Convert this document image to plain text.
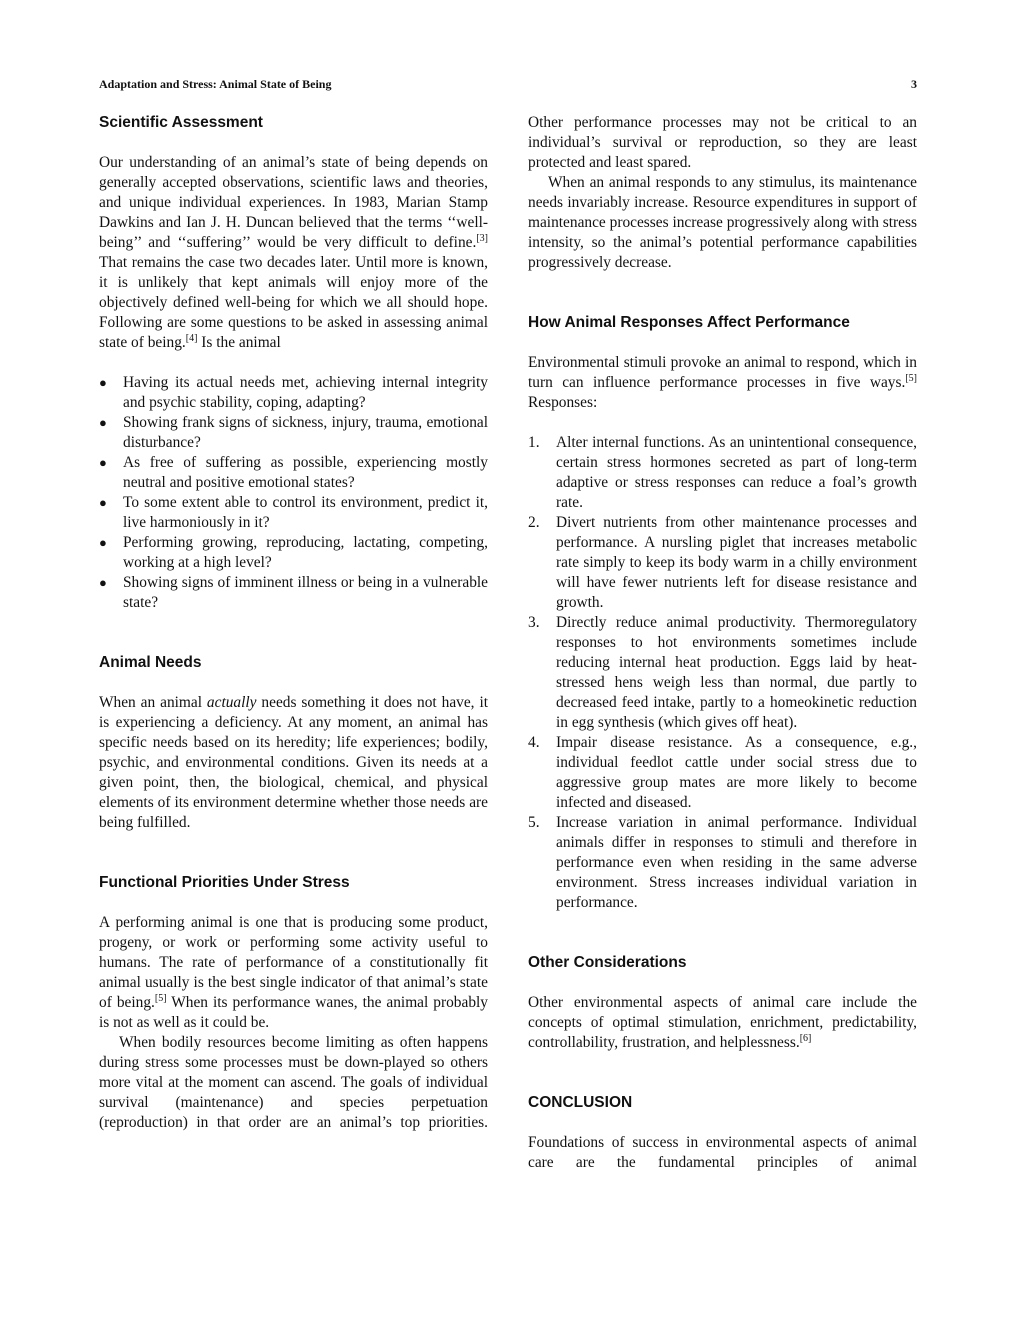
Adaptation and Stress: Animal State of Being	3
Scientific Assessment

Our understanding of an animal’s state of being depends on generally accepted observations, scientific laws and theories, and unique individual experiences. In 1983, Marian Stamp Dawkins and Ian J. H. Duncan believed that the terms ‘‘well-being’’ and ‘‘suffering’’ would be very difficult to define.[3] That remains the case two decades later. Until more is known, it is unlikely that kept animals will enjoy more of the objectively defined well-being for which we all should hope. Following are some questions to be asked in assessing animal state of being.[4] Is the animal

● Having its actual needs met, achieving internal integrity and psychic stability, coping, adapting?
● Showing frank signs of sickness, injury, trauma, emotional disturbance?
● As free of suffering as possible, experiencing mostly neutral and positive emotional states?
● To some extent able to control its environment, predict it, live harmoniously in it?
● Performing growing, reproducing, lactating, competing, working at a high level?
● Showing signs of imminent illness or being in a vulnerable state?
Animal Needs

When an animal actually needs something it does not have, it is experiencing a deficiency. At any moment, an animal has specific needs based on its heredity; life experiences; bodily, psychic, and environmental conditions. Given its needs at a given point, then, the biological, chemical, and physical elements of its environment determine whether those needs are being fulfilled.

Functional Priorities Under Stress

A performing animal is one that is producing some product, progeny, or work or performing some activity useful to humans. The rate of performance of a constitutionally fit animal usually is the best single indicator of that animal’s state of being.[5] When its performance wanes, the animal probably is not as well as it could be.

When bodily resources become limiting as often happens during stress some processes must be down-played so others more vital at the moment can ascend. The goals of individual survival (maintenance) and species perpetuation (reproduction) in that order are an animal’s top priorities.

Other performance processes may not be critical to an individual’s survival or reproduction, so they are least protected and least spared.

When an animal responds to any stimulus, its maintenance needs invariably increase. Resource expenditures in support of maintenance processes increase progressively along with stress intensity, so the animal’s potential performance capabilities progressively decrease.

How Animal Responses Affect Performance

Environmental stimuli provoke an animal to respond, which in turn can influence performance processes in five ways.[5] Responses:

1. Alter internal functions. As an unintentional consequence, certain stress hormones secreted as part of long-term adaptive or stress responses can reduce a foal’s growth rate.
2. Divert nutrients from other maintenance processes and performance. A nursling piglet that increases metabolic rate simply to keep its body warm in a chilly environment will have fewer nutrients left for disease resistance and growth.
3. Directly reduce animal productivity. Thermoregulatory responses to hot environments sometimes include reducing internal heat production. Eggs laid by heat-stressed hens weigh less than normal, due partly to decreased feed intake, partly to a homeokinetic reduction in egg synthesis (which gives off heat).
4. Impair disease resistance. As a consequence, e.g., individual feedlot cattle under social stress due to aggressive group mates are more likely to become infected and diseased.
5. Increase variation in animal performance. Individual animals differ in responses to stimuli and therefore in performance even when residing in the same adverse environment. Stress increases individual variation in performance.
Other Considerations

Other environmental aspects of animal care include the concepts of optimal stimulation, enrichment, predictability, controllability, frustration, and helplessness.[6]

CONCLUSION

Foundations of success in environmental aspects of animal care are the fundamental principles of animal
